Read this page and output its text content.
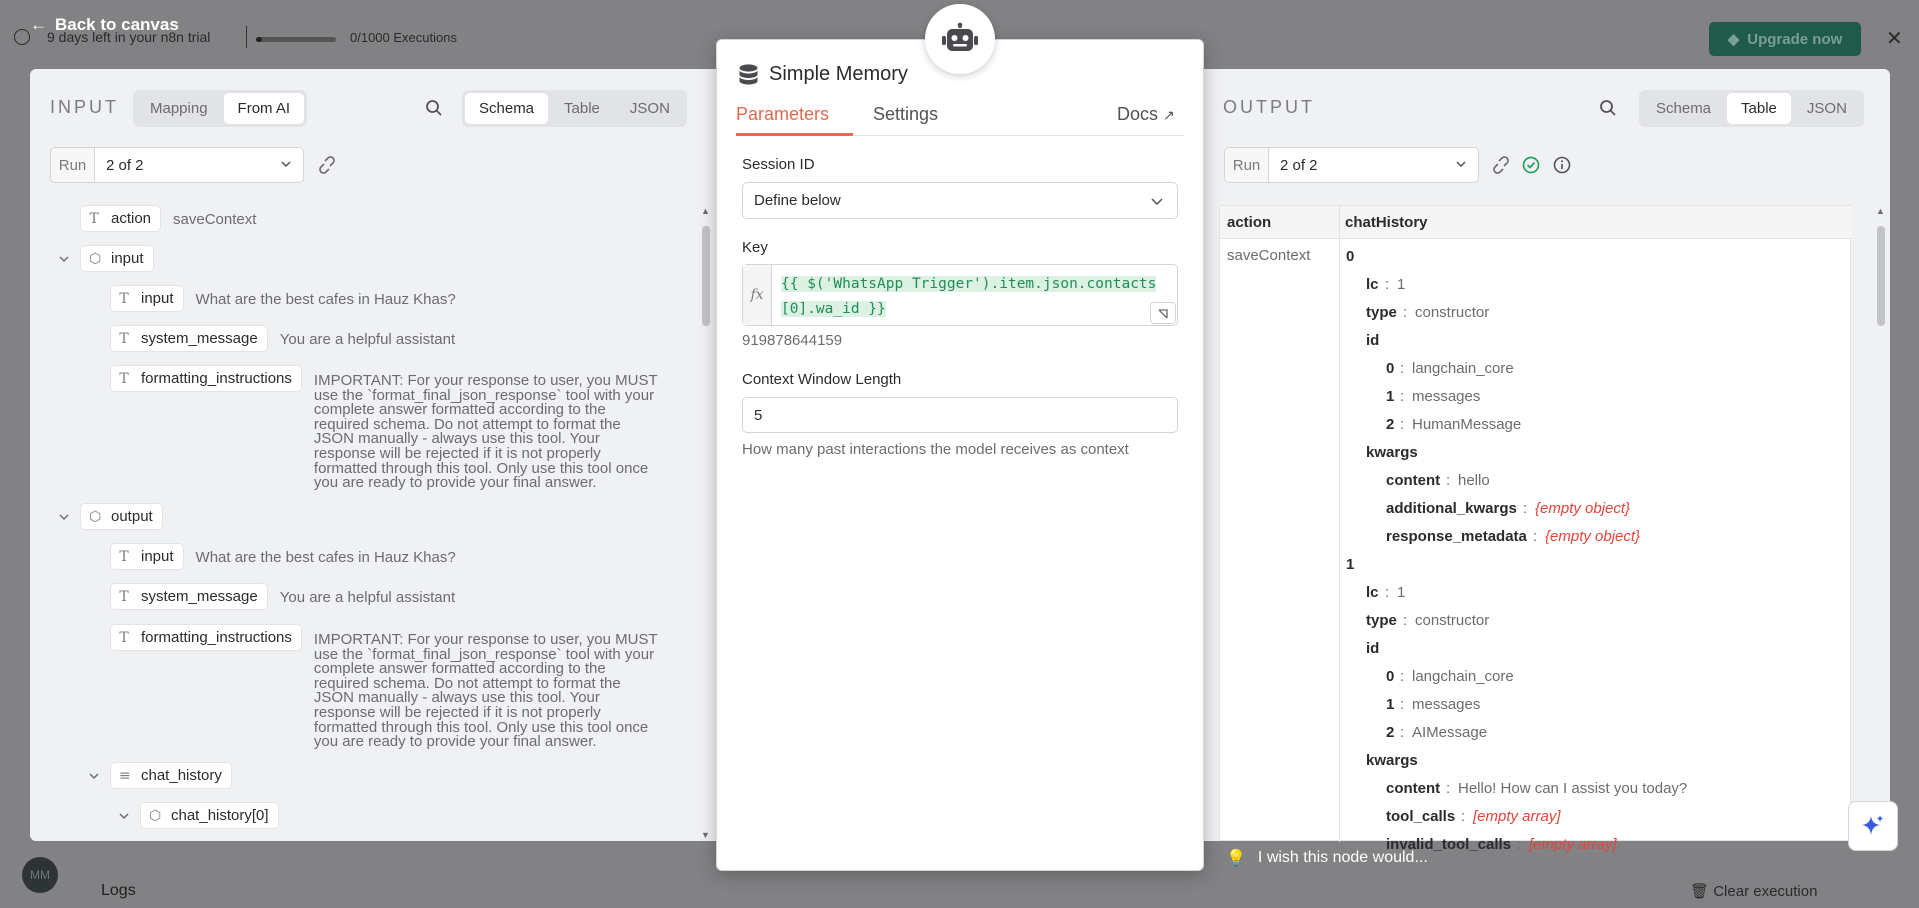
9 days left in your n8n trial	0/1000 Executions	◆ Upgrade now ✕
Logs	🗑 Clear execution
MM
← Back to canvas
INPUT	Mapping	From AI	Schema	Table	JSON
Run	2 of 2
T action saveContext
⬡ input
T input What are the best cafes in Hauz Khas?
T system_message You are a helpful assistant
T formatting_instructions IMPORTANT: For your response to user, you MUST use the `format_final_json_response` tool with your complete answer formatted according to the required schema. Do not attempt to format the JSON manually - always use this tool. Your response will be rejected if it is not properly formatted through this tool. Only use this tool once you are ready to provide your final answer.
⬡ output
T input What are the best cafes in Hauz Khas?
T system_message You are a helpful assistant
T formatting_instructions IMPORTANT: For your response to user, you MUST use the `format_final_json_response` tool with your complete answer formatted according to the required schema. Do not attempt to format the JSON manually - always use this tool. Your response will be rejected if it is not properly formatted through this tool. Only use this tool once you are ready to provide your final answer.
≡ chat_history
⬡ chat_history[0]
▲
▼
Simple Memory
Parameters Settings	Docs ↗
Session ID
Define below
Key
fx
{{ $('WhatsApp Trigger').item.json.contacts
[0].wa_id }}
919878644159
Context Window Length
5
How many past interactions the model receives as context
OUTPUT	Schema	Table	JSON
Run	2 of 2
action	chatHistory
saveContext 0
lc : 1
type : constructor
id
0 : langchain_core
1 : messages
2 : HumanMessage
kwargs
content : hello
additional_kwargs : {empty object}
response_metadata : {empty object}
1
lc : 1
type : constructor
id
0 : langchain_core
1 : messages
2 : AIMessage
kwargs
content : Hello! How can I assist you today?
tool_calls : [empty array]
invalid_tool_calls : [empty array]
▲
💡 I wish this node would...
